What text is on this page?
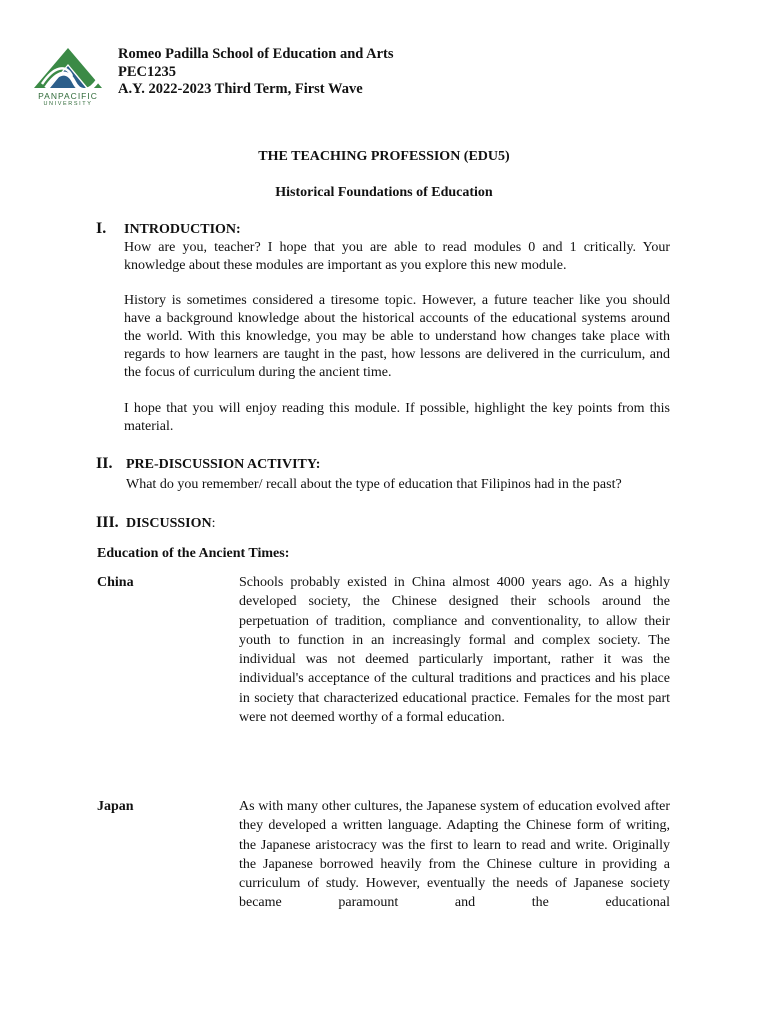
PANPACIFIC
UNIVERSITY
Romeo Padilla School of Education and Arts
PEC1235
A.Y. 2022-2023 Third Term, First Wave
THE TEACHING PROFESSION (EDU5)
Historical Foundations of Education
I. INTRODUCTION:
How are you, teacher? I hope that you are able to read modules 0 and 1 critically. Your knowledge about these modules are important as you explore this new module.
History is sometimes considered a tiresome topic. However, a future teacher like you should have a background knowledge about the historical accounts of the educational systems around the world. With this knowledge, you may be able to understand how changes take place with regards to how learners are taught in the past, how lessons are delivered in the curriculum, and the focus of curriculum during the ancient time.
I hope that you will enjoy reading this module. If possible, highlight the key points from this material.
II. PRE-DISCUSSION ACTIVITY:
What do you remember/ recall about the type of education that Filipinos had in the past?
III. DISCUSSION:
Education of the Ancient Times:
China	Schools probably existed in China almost 4000 years ago. As a highly developed society, the Chinese designed their schools around the perpetuation of tradition, compliance and conventionality, to allow their youth to function in an increasingly formal and complex society. The individual was not deemed particularly important, rather it was the individual's acceptance of the cultural traditions and practices and his place in society that characterized educational practice. Females for the most part were not deemed worthy of a formal education.
Japan	As with many other cultures, the Japanese system of education evolved after they developed a written language. Adapting the Chinese form of writing, the Japanese aristocracy was the first to learn to read and write. Originally the Japanese borrowed heavily from the Chinese culture in providing a curriculum of study. However, eventually the needs of Japanese society became paramount and the educational
